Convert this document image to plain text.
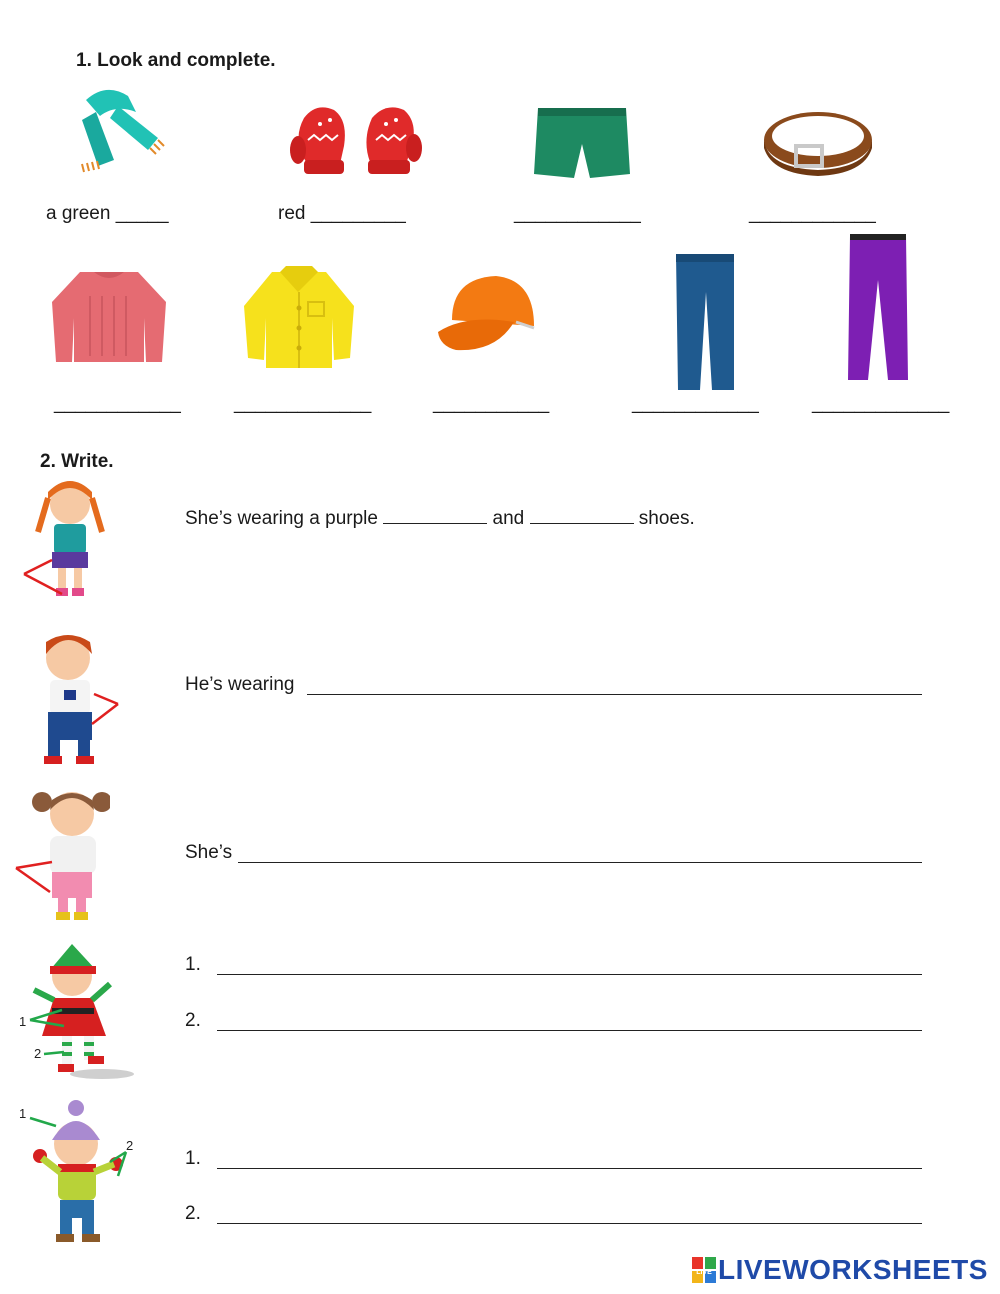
1. Look and complete.
a green _____	red _________	____________	____________
____________	_____________	___________	____________	_____________
2. Write.
She’s wearing a purple	and	shoes.
He’s wearing
She’s
1
2
1.
2.
1
2
1.
2.
LIVE LIVEWORKSHEETS
